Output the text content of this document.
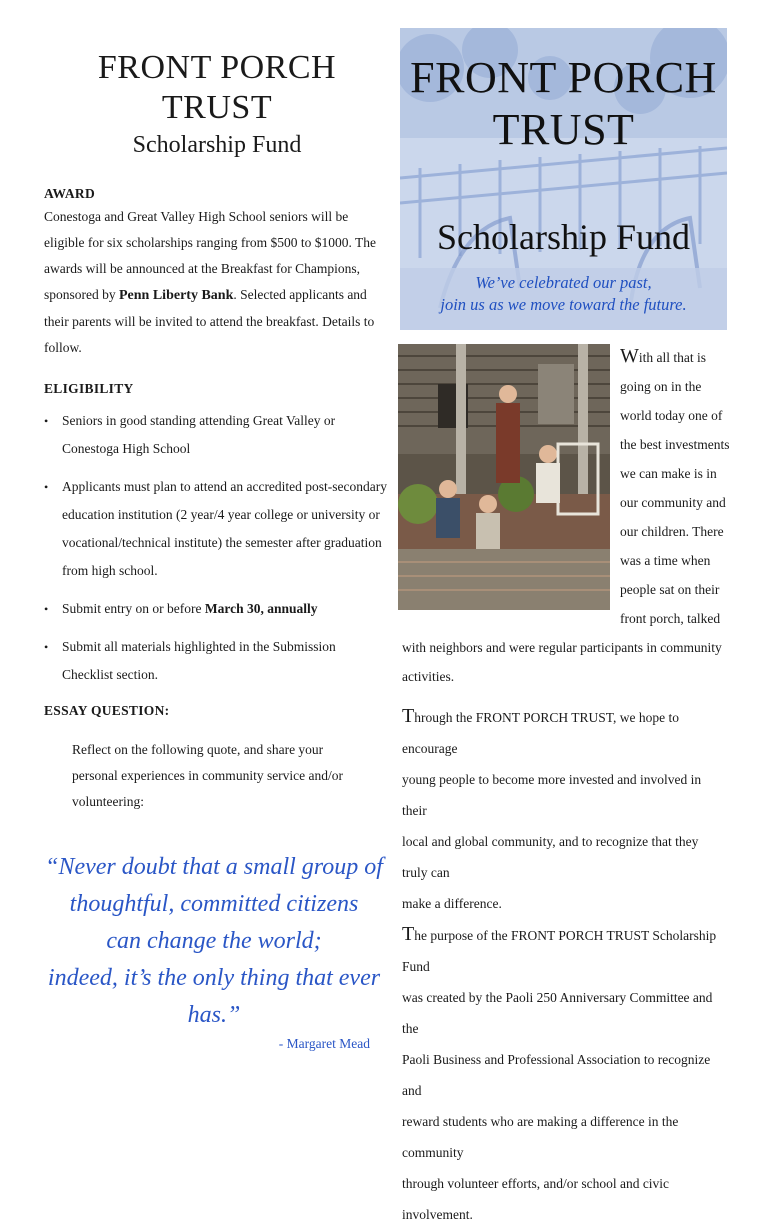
FRONT PORCH TRUST
Scholarship Fund
AWARD

Conestoga and Great Valley High School seniors will be eligible for six scholarships ranging from $500 to $1000. The awards will be announced at the Breakfast for Champions, sponsored by Penn Liberty Bank. Selected applicants and their parents will be invited to attend the breakfast. Details to follow.

ELIGIBILITY
• Seniors in good standing attending Great Valley or Conestoga High School
• Applicants must plan to attend an accredited post-secondary education institution (2 year/4 year college or university or vocational/technical institute) the semester after graduation from high school.
• Submit entry on or before March 30, annually
• Submit all materials highlighted in the Submission Checklist section.
ESSAY QUESTION:

Reflect on the following quote, and share your personal experiences in community service and/or volunteering:

“Never doubt that a small group of
thoughtful, committed citizens
can change the world;
indeed, it’s the only thing that ever has.”
- Margaret Mead
FRONT PORCH
TRUST
Scholarship Fund
We’ve celebrated our past,
join us as we move toward the future.
With all that is
going on in the
world today one of
the best investments
we can make is in
our community and
our children. There
was a time when
people sat on their
front porch, talked

with neighbors and were regular participants in community
activities.

Through the FRONT PORCH TRUST, we hope to encourage
young people to become more invested and involved in their
local and global community, and to recognize that they truly can
make a difference.

The purpose of the FRONT PORCH TRUST Scholarship Fund
was created by the Paoli 250 Anniversary Committee and the
Paoli Business and Professional Association to recognize and
reward students who are making a difference in the community
through volunteer efforts, and/or school and civic involvement.
